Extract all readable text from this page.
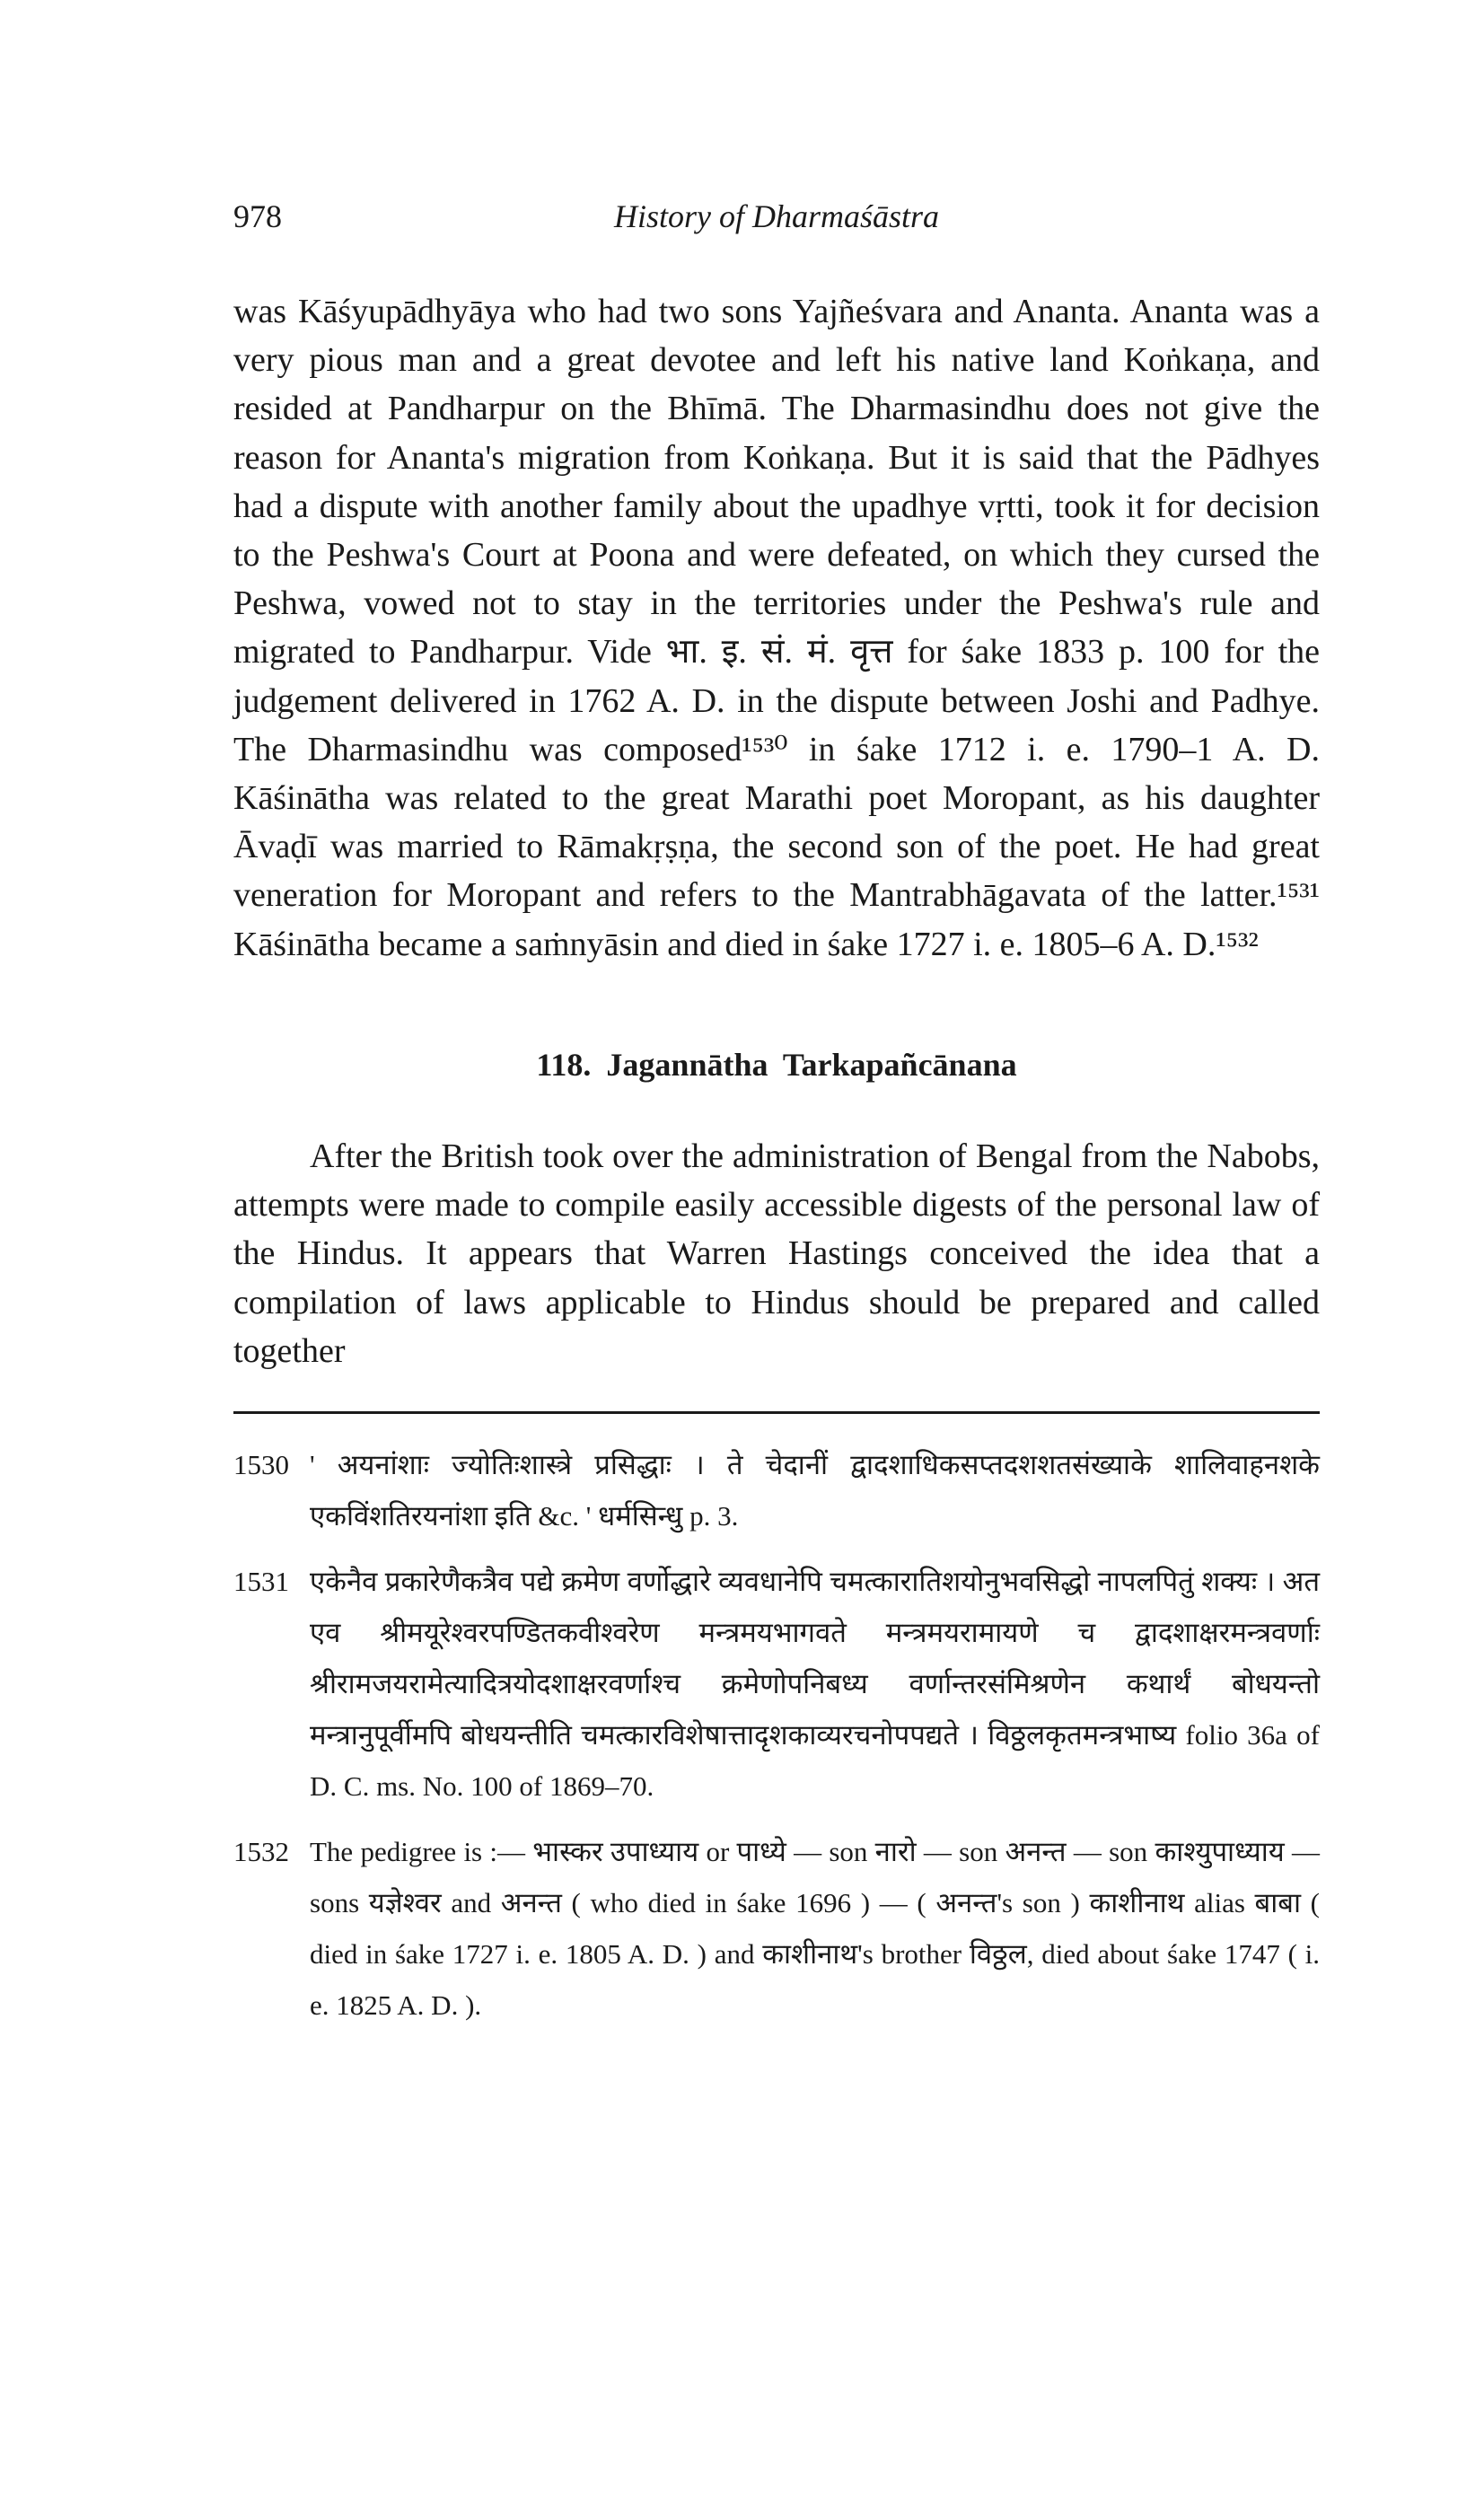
978	History of Dharmaśāstra

was Kāśyupādhyāya who had two sons Yajñeśvara and Ananta. Ananta was a very pious man and a great devotee and left his native land Koṅkaṇa, and resided at Pandharpur on the Bhīmā. The Dharmasindhu does not give the reason for Ananta's migration from Koṅkaṇa. But it is said that the Pādhyes had a dispute with another family about the upadhye vṛtti, took it for decision to the Peshwa's Court at Poona and were defeated, on which they cursed the Peshwa, vowed not to stay in the territories under the Peshwa's rule and migrated to Pandharpur. Vide भा. इ. सं. मं. वृत्त for śake 1833 p. 100 for the judgement delivered in 1762 A. D. in the dispute between Joshi and Padhye. The Dharmasindhu was composed¹⁵³⁰ in śake 1712 i. e. 1790–1 A. D. Kāśinātha was related to the great Marathi poet Moropant, as his daughter Āvaḍī was married to Rāmakṛṣṇa, the second son of the poet. He had great veneration for Moropant and refers to the Mantrabhāgavata of the latter.¹⁵³¹ Kāśinātha became a saṁnyāsin and died in śake 1727 i. e. 1805–6 A. D.¹⁵³²

118. Jagannātha Tarkapañcānana

After the British took over the administration of Bengal from the Nabobs, attempts were made to compile easily accessible digests of the personal law of the Hindus. It appears that Warren Hastings conceived the idea that a compilation of laws applicable to Hindus should be prepared and called together

1530 ' अयनांशाः ज्योतिःशास्त्रे प्रसिद्धाः । ते चेदानीं द्वादशाधिकसप्तदशशतसंख्याके शालिवाहनशके एकविंशतिरयनांशा इति &c. ' धर्मसिन्धु p. 3.
1531 एकेनैव प्रकारेणैकत्रैव पद्ये क्रमेण वर्णोद्धारे व्यवधानेपि चमत्कारातिशयोनुभवसिद्धो नापलपितुं शक्यः । अत एव श्रीमयूरेश्वरपण्डितकवीश्वरेण मन्त्रमयभागवते मन्त्रमयरामायणे च द्वादशाक्षरमन्त्रवर्णाः श्रीरामजयरामेत्यादित्रयोदशाक्षरवर्णाश्च क्रमेणोपनिबध्य वर्णान्तरसंमिश्रणेन कथार्थं बोधयन्तो मन्त्रानुपूर्वीमपि बोधयन्तीति चमत्कारविशेषात्तादृशकाव्यरचनोपपद्यते । विठ्ठलकृतमन्त्रभाष्य folio 36a of D. C. ms. No. 100 of 1869–70.
1532 The pedigree is :— भास्कर उपाध्याय or पाध्ये — son नारो — son अनन्त — son काश्युपाध्याय — sons यज्ञेश्वर and अनन्त ( who died in śake 1696 ) — ( अनन्त's son ) काशीनाथ alias बाबा ( died in śake 1727 i. e. 1805 A. D. ) and काशीनाथ's brother विठ्ठल, died about śake 1747 ( i. e. 1825 A. D. ).
